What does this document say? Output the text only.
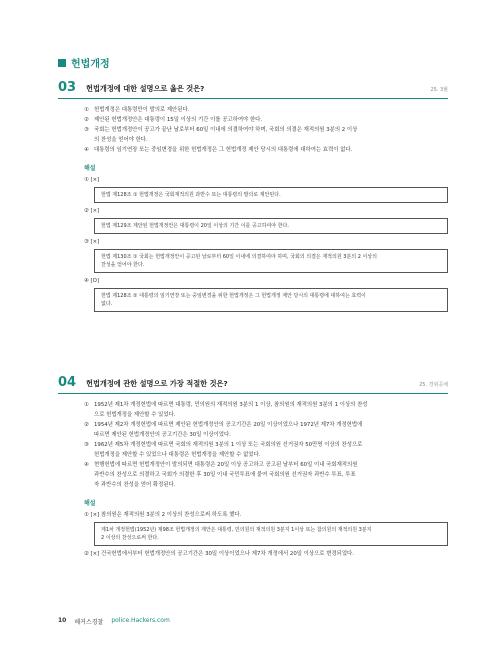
헌법개정
03	헌법개정에 대한 설명으로 옳은 것은?	25. 3월
① 헌법개정은 대통령만이 발의로 제안된다.
② 제안된 헌법개정안은 대통령이 15일 이상의 기간 이를 공고하여야 한다.
③ 국회는 헌법개정안이 공고가 끝난 날로부터 60일 이내에 의결하여야 하며, 국회의 의결은 재적의원 3분의 2 이상
의 찬성을 얻어야 한다.
④ 대통령의 임기연장 또는 중임변경을 위한 헌법개정은 그 헌법개정 제안 당시의 대통령에 대하여는 효력이 없다.
해설
① [×]
헌법 제128조 ① 헌법개정은 국회재적의원 과반수 또는 대통령의 발의로 제안된다.
② [×]
헌법 제129조 제안된 헌법개정안은 대통령이 20일 이상의 기간 이를 공고하여야 한다.
③ [×]
헌법 제130조 ① 국회는 헌법개정안이 공고된 날로부터 60일 이내에 의결하여야 하며, 국회의 의결은 재적의원 3분의 2 이상의
찬성을 얻어야 한다.
④ [O]
헌법 제128조 ② 대통령의 임기연장 또는 중임변경을 위한 헌법개정은 그 헌법개정 제안 당시의 대통령에 대하여는 효력이
없다.
04	헌법개정에 관한 설명으로 가장 적절한 것은?	25. 경위공채
① 1952년 제1차 개정헌법에 따르면 대통령, 민의원의 재적의원 3분의 1 이상, 참의원의 재적의원 3분의 1 이상의 찬성
으로 헌법개정을 제안할 수 있었다.
② 1954년 제2차 개정헌법에 따르면 제안된 헌법개정안의 공고기간은 20일 이상이었으나 1972년 제7차 개정헌법에
따르면 제안된 헌법개정안의 공고기간은 30일 이상이었다.
③ 1962년 제5차 개정헌법에 따르면 국회의 재적의원 3분의 1 이상 또는 국회의원 선거권자 50만명 이상의 찬성으로
헌법개정을 제안할 수 있었으나 대통령은 헌법개정을 제안할 수 없었다.
④ 현행헌법에 따르면 헌법개정안이 발의되면 대통령은 20일 이상 공고하고 공고된 날부터 60일 이내 국회재적의원
과반수의 찬성으로 의결하고 국회가 의결한 후 30일 이내 국민투표에 붙여 국회의원 선거권자 과반수 투표, 투표
자 과반수의 찬성을 얻어 확정된다.
해설
① [×] 참의원은 재적의원 3분의 2 이상의 찬성으로써 하도록 했다.
제1차 개정헌법(1952년) 제98조 헌법개정의 제안은 대통령, 민의원의 재적의원 3분지 1이상 또는 참의원의 재적의원 3분지
2 이상의 찬성으로써 한다.
② [×] 건국헌법에서부터 헌법개정안의 공고기간은 30일 이상이었으나 제7차 개정에서 20일 이상으로 변경되었다.
10 해커스경찰 police.Hackers.com
